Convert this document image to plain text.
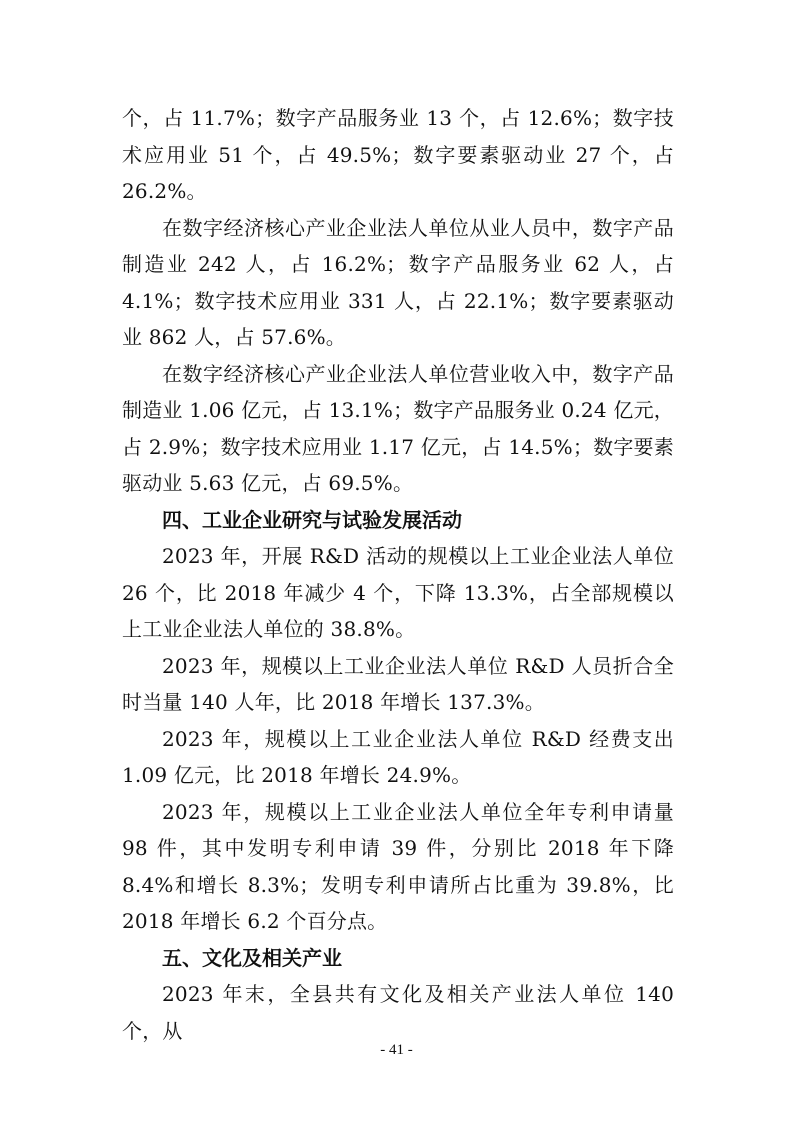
个，占 11.7%；数字产品服务业 13 个，占 12.6%；数字技术应用业 51 个，占 49.5%；数字要素驱动业 27 个，占 26.2%。

在数字经济核心产业企业法人单位从业人员中，数字产品制造业 242 人，占 16.2%；数字产品服务业 62 人，占 4.1%；数字技术应用业 331 人，占 22.1%；数字要素驱动业 862 人，占 57.6%。

在数字经济核心产业企业法人单位营业收入中，数字产品制造业 1.06 亿元，占 13.1%；数字产品服务业 0.24 亿元，占 2.9%；数字技术应用业 1.17 亿元，占 14.5%；数字要素驱动业 5.63 亿元，占 69.5%。

四、工业企业研究与试验发展活动

2023 年，开展 R&D 活动的规模以上工业企业法人单位 26 个，比 2018 年减少 4 个，下降 13.3%，占全部规模以上工业企业法人单位的 38.8%。

2023 年，规模以上工业企业法人单位 R&D 人员折合全时当量 140 人年，比 2018 年增长 137.3%。

2023 年，规模以上工业企业法人单位 R&D 经费支出 1.09 亿元，比 2018 年增长 24.9%。

2023 年，规模以上工业企业法人单位全年专利申请量 98 件，其中发明专利申请 39 件，分别比 2018 年下降 8.4%和增长 8.3%；发明专利申请所占比重为 39.8%，比 2018 年增长 6.2 个百分点。

五、文化及相关产业

2023 年末，全县共有文化及相关产业法人单位 140 个，从

- 41 -
